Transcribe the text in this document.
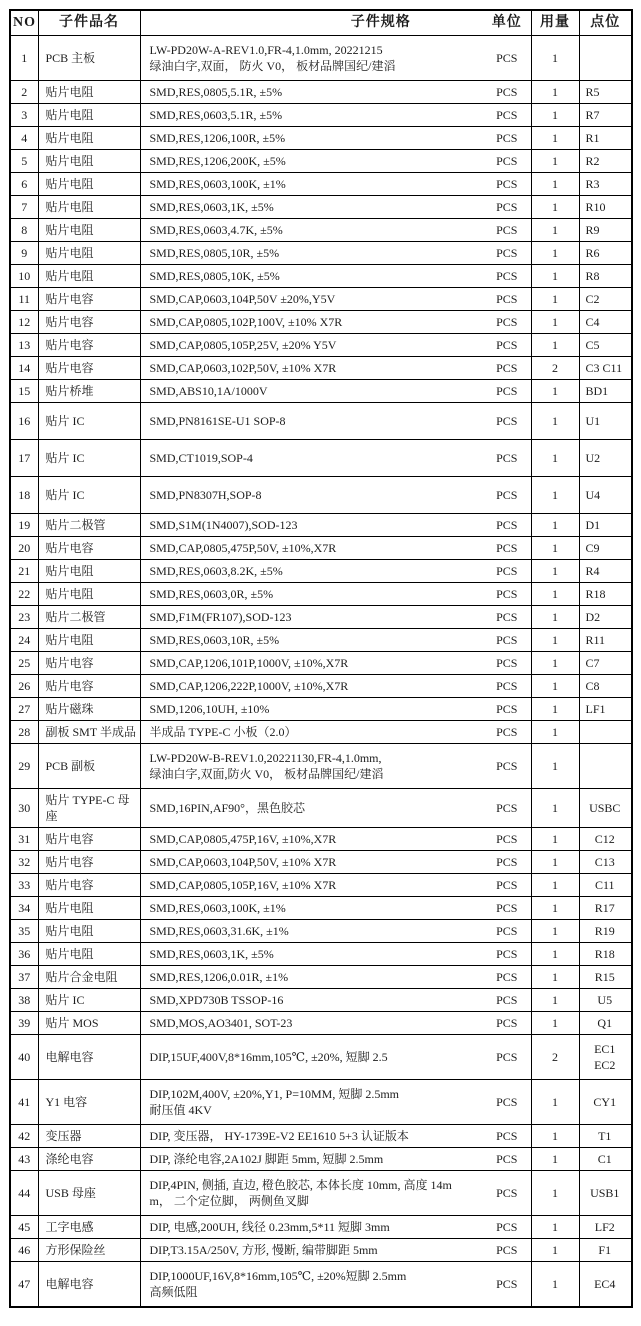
NO	子件品名	子件规格	单位	用量	点位
1	PCB 主板	LW-PD20W-A-REV1.0,FR-4,1.0mm, 20221215
绿油白字,双面， 防火 V0， 板材品牌国纪/建滔	PCS	1	
2	贴片电阻	SMD,RES,0805,5.1R, ±5%	PCS	1	R5

3	贴片电阻	SMD,RES,0603,5.1R, ±5%	PCS	1	R7

4	贴片电阻	SMD,RES,1206,100R, ±5%	PCS	1	R1

5	贴片电阻	SMD,RES,1206,200K, ±5%	PCS	1	R2

6	贴片电阻	SMD,RES,0603,100K, ±1%	PCS	1	R3

7	贴片电阻	SMD,RES,0603,1K, ±5%	PCS	1	R10

8	贴片电阻	SMD,RES,0603,4.7K, ±5%	PCS	1	R9

9	贴片电阻	SMD,RES,0805,10R, ±5%	PCS	1	R6

10	贴片电阻	SMD,RES,0805,10K, ±5%	PCS	1	R8

11	贴片电容	SMD,CAP,0603,104P,50V ±20%,Y5V	PCS	1	C2

12	贴片电容	SMD,CAP,0805,102P,100V, ±10% X7R	PCS	1	C4

13	贴片电容	SMD,CAP,0805,105P,25V, ±20% Y5V	PCS	1	C5

14	贴片电容	SMD,CAP,0603,102P,50V, ±10% X7R	PCS	2	C3 C11

15	贴片桥堆	SMD,ABS10,1A/1000V	PCS	1	BD1

16	贴片 IC	SMD,PN8161SE-U1 SOP-8	PCS	1	U1

17	贴片 IC	SMD,CT1019,SOP-4	PCS	1	U2

18	贴片 IC	SMD,PN8307H,SOP-8	PCS	1	U4

19	贴片二极管	SMD,S1M(1N4007),SOD-123	PCS	1	D1

20	贴片电容	SMD,CAP,0805,475P,50V, ±10%,X7R	PCS	1	C9

21	贴片电阻	SMD,RES,0603,8.2K, ±5%	PCS	1	R4

22	贴片电阻	SMD,RES,0603,0R, ±5%	PCS	1	R18

23	贴片二极管	SMD,F1M(FR107),SOD-123	PCS	1	D2

24	贴片电阻	SMD,RES,0603,10R, ±5%	PCS	1	R11

25	贴片电容	SMD,CAP,1206,101P,1000V, ±10%,X7R	PCS	1	C7

26	贴片电容	SMD,CAP,1206,222P,1000V, ±10%,X7R	PCS	1	C8

27	贴片磁珠	SMD,1206,10UH, ±10%	PCS	1	LF1

28	副板 SMT 半成品	半成品 TYPE-C 小板（2.0）	PCS	1	
29	PCB 副板	LW-PD20W-B-REV1.0,20221130,FR-4,1.0mm,
绿油白字,双面,防火 V0， 板材品牌国纪/建滔	PCS	1	
30	贴片 TYPE-C 母座	SMD,16PIN,AF90°，黑色胶芯	PCS	1	USBC

31	贴片电容	SMD,CAP,0805,475P,16V, ±10%,X7R	PCS	1	C12

32	贴片电容	SMD,CAP,0603,104P,50V, ±10% X7R	PCS	1	C13

33	贴片电容	SMD,CAP,0805,105P,16V, ±10% X7R	PCS	1	C11

34	贴片电阻	SMD,RES,0603,100K, ±1%	PCS	1	R17

35	贴片电阻	SMD,RES,0603,31.6K, ±1%	PCS	1	R19

36	贴片电阻	SMD,RES,0603,1K, ±5%	PCS	1	R18

37	贴片合金电阻	SMD,RES,1206,0.01R, ±1%	PCS	1	R15

38	贴片 IC	SMD,XPD730B TSSOP-16	PCS	1	U5

39	贴片 MOS	SMD,MOS,AO3401, SOT-23	PCS	1	Q1

40	电解电容	DIP,15UF,400V,8*16mm,105℃, ±20%, 短脚 2.5	PCS	2	EC1
EC2

41	Y1 电容	DIP,102M,400V, ±20%,Y1, P=10MM, 短脚 2.5mm
耐压值 4KV	PCS	1	CY1

42	变压器	DIP, 变压器， HY-1739E-V2 EE1610 5+3 认证版本	PCS	1	T1

43	涤纶电容	DIP, 涤纶电容,2A102J 脚距 5mm, 短脚 2.5mm	PCS	1	C1

44	USB 母座	DIP,4PIN, 侧插, 直边, 橙色胶芯, 本体长度 10mm, 高度 14m
m， 二个定位脚， 两侧鱼叉脚	PCS	1	USB1

45	工字电感	DIP, 电感,200UH, 线径 0.23mm,5*11 短脚 3mm	PCS	1	LF2

46	方形保险丝	DIP,T3.15A/250V, 方形, 慢断, 编带脚距 5mm	PCS	1	F1

47	电解电容	DIP,1000UF,16V,8*16mm,105℃, ±20%短脚 2.5mm
高频低阻	PCS	1	EC4
